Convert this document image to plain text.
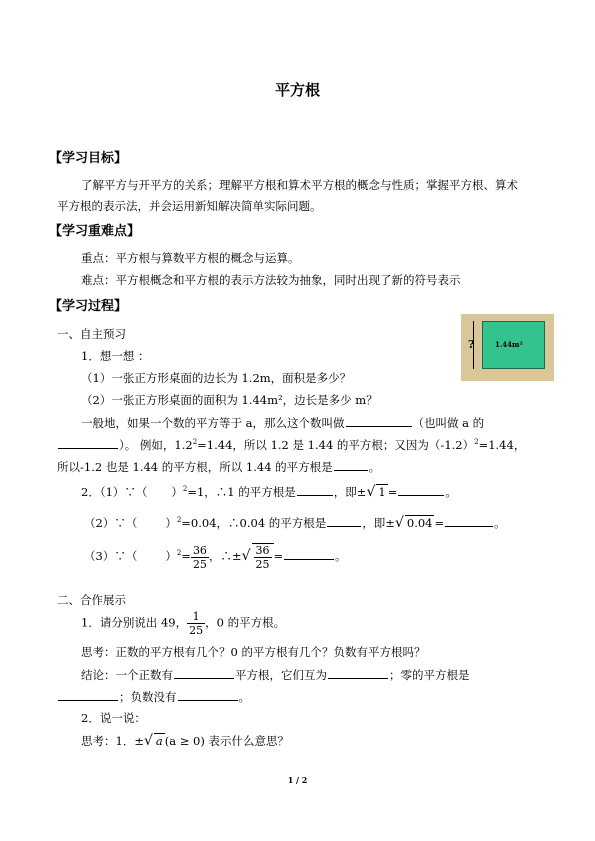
平方根
【学习目标】
了解平方与开平方的关系；理解平方根和算术平方根的概念与性质；掌握平方根、算术
平方根的表示法，并会运用新知解决简单实际问题。
【学习重难点】
重点：平方根与算数平方根的概念与运算。
难点：平方根概念和平方根的表示方法较为抽象，同时出现了新的符号表示
【学习过程】
一、自主预习
1．想一想 ：
（1）一张正方形桌面的边长为 1.2m，面积是多少？
（2）一张正方形桌面的面积为 1.44m²，边长是多少 m？
?	1.44m²
一般地，如果一个数的平方等于 a，那么这个数叫做	（也叫做 a 的
）。 例如，$1.2^2=1.44$，所以 1.2 是 1.44 的平方根；又因为$(-1.2)^2=1.44$，
所以-1.2 也是 1.44 的平方根，所以 1.44 的平方根是	。
2．（1）∵（ ）$^2$=1，∴1 的平方根是	，即±√ 1 =	。
（2）∵（ ）$^2$=0.04，∴0.04 的平方根是	，即±√ 0.04 =	。
（3）∵（ ）$^2= \frac{36}{25}$ ，∴±√ $\frac{36}{25}$ =	。
二、合作展示
1．请分别说出 49， $\frac{1}{25}$ ，0 的平方根。
思考：正数的平方根有几个？0 的平方根有几个？负数有平方根吗？
结论：一个正数有	平方根，它们互为	；零的平方根是
；负数没有	。
2．说一说：
思考：1．±√ a (a ≥ 0) 表示什么意思？
1 / 2
